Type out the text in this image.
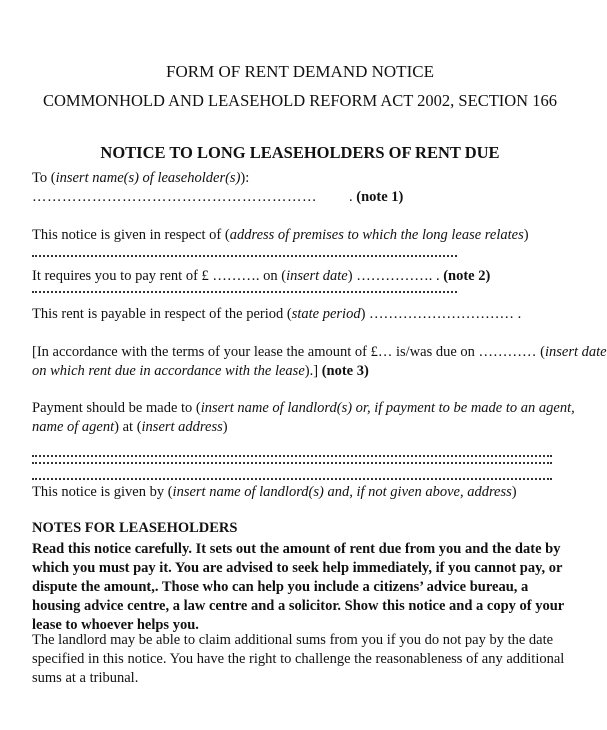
FORM OF RENT DEMAND NOTICE
COMMONHOLD AND LEASEHOLD REFORM ACT 2002, SECTION 166
NOTICE TO LONG LEASEHOLDERS OF RENT DUE
To (insert name(s) of leaseholder(s)):
………………………………………………… . (note 1)
This notice is given in respect of (address of premises to which the long lease relates)
It requires you to pay rent of £ ………. on (insert date) ……………. . (note 2)
This rent is payable in respect of the period (state period) ………………………… .
[In accordance with the terms of your lease the amount of £… is/was due on ………… (insert date
on which rent due in accordance with the lease).] (note 3)
Payment should be made to (insert name of landlord(s) or, if payment to be made to an agent,
name of agent) at (insert address)
This notice is given by (insert name of landlord(s) and, if not given above, address)
NOTES FOR LEASEHOLDERS
Read this notice carefully. It sets out the amount of rent due from you and the date by which you must pay it. You are advised to seek help immediately, if you cannot pay, or dispute the amount,. Those who can help you include a citizens’ advice bureau, a housing advice centre, a law centre and a solicitor. Show this notice and a copy of your lease to whoever helps you.
The landlord may be able to claim additional sums from you if you do not pay by the date specified in this notice. You have the right to challenge the reasonableness of any additional sums at a tribunal.
